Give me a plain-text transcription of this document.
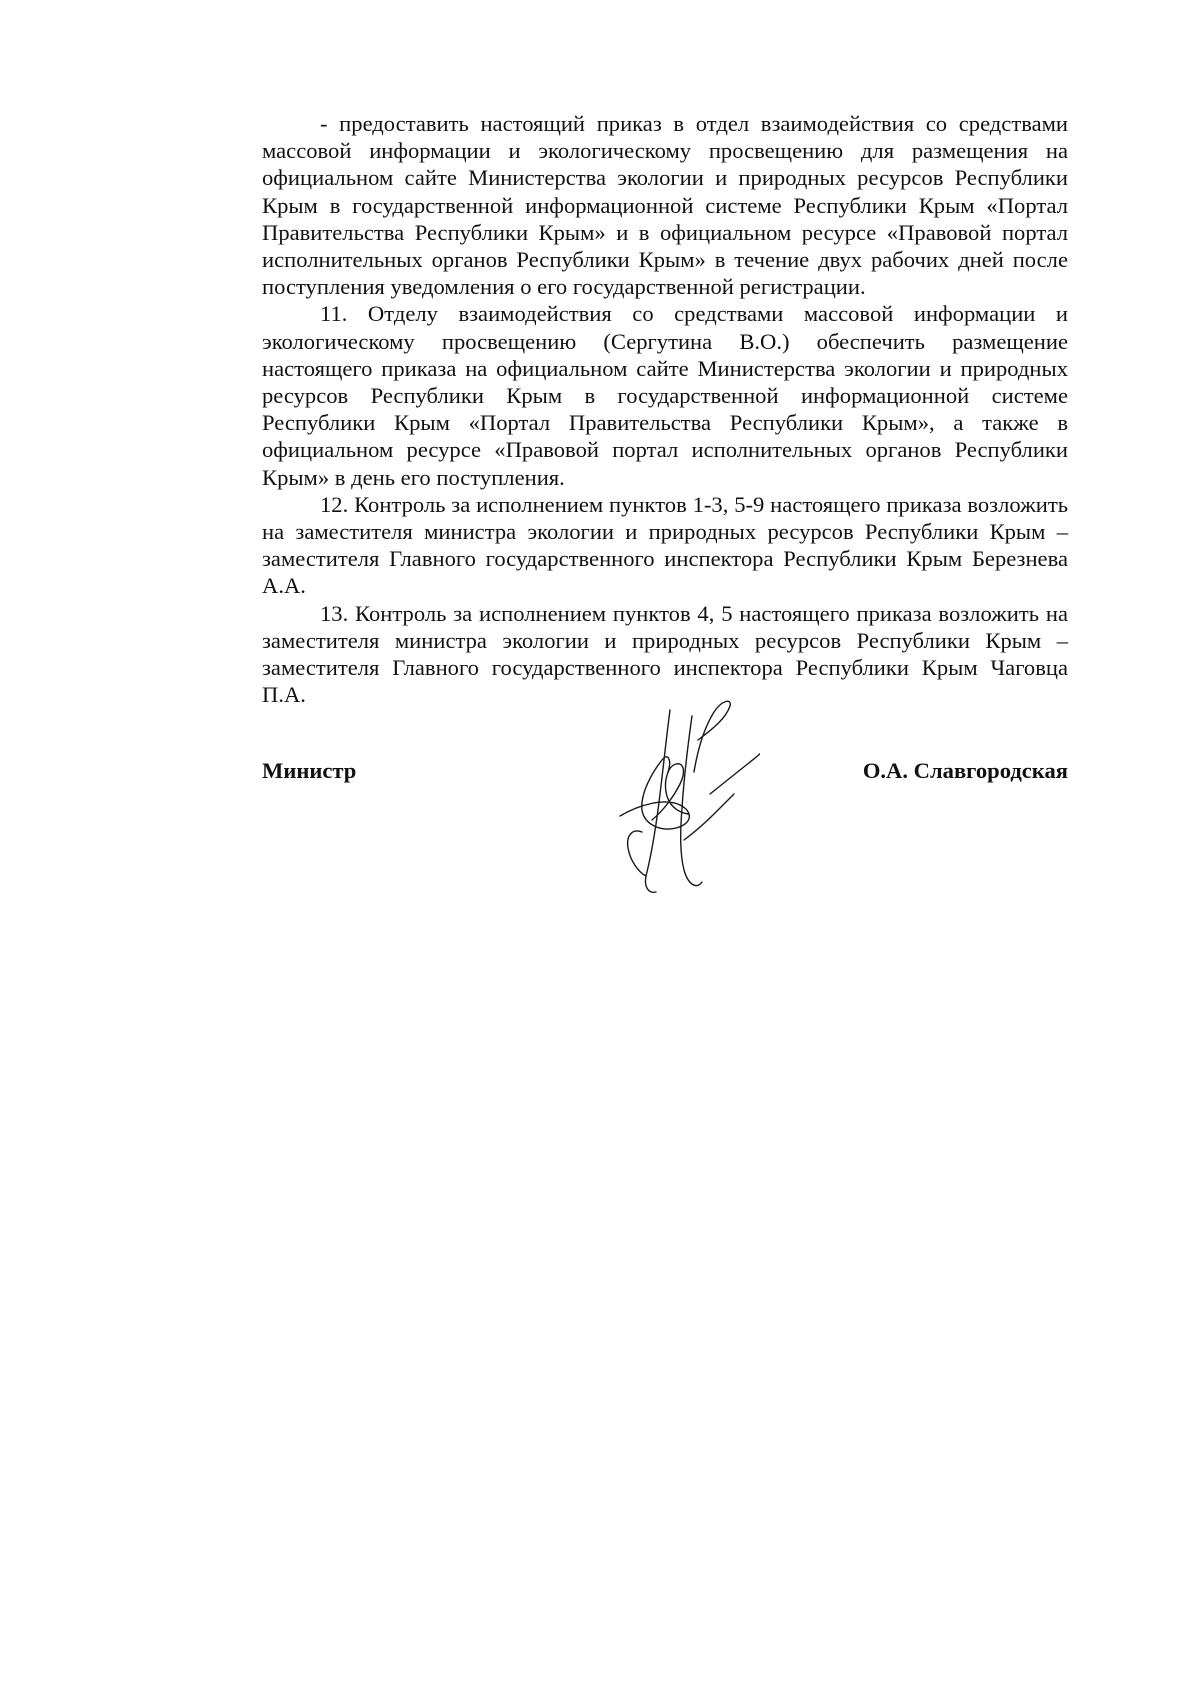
- предоставить настоящий приказ в отдел взаимодействия со средствами массовой информации и экологическому просвещению для размещения на официальном сайте Министерства экологии и природных ресурсов Республики Крым в государственной информационной системе Республики Крым «Портал Правительства Республики Крым» и в официальном ресурсе «Правовой портал исполнительных органов Республики Крым» в течение двух рабочих дней после поступления уведомления о его государственной регистрации.

11. Отделу взаимодействия со средствами массовой информации и экологическому просвещению (Сергутина В.О.) обеспечить размещение настоящего приказа на официальном сайте Министерства экологии и природных ресурсов Республики Крым в государственной информационной системе Республики Крым «Портал Правительства Республики Крым», а также в официальном ресурсе «Правовой портал исполнительных органов Республики Крым» в день его поступления.

12. Контроль за исполнением пунктов 1-3, 5-9 настоящего приказа возложить на заместителя министра экологии и природных ресурсов Республики Крым – заместителя Главного государственного инспектора Республики Крым Березнева А.А.

13. Контроль за исполнением пунктов 4, 5 настоящего приказа возложить на заместителя министра экологии и природных ресурсов Республики Крым – заместителя Главного государственного инспектора Республики Крым Чаговца П.А.

Министр	О.А. Славгородская
